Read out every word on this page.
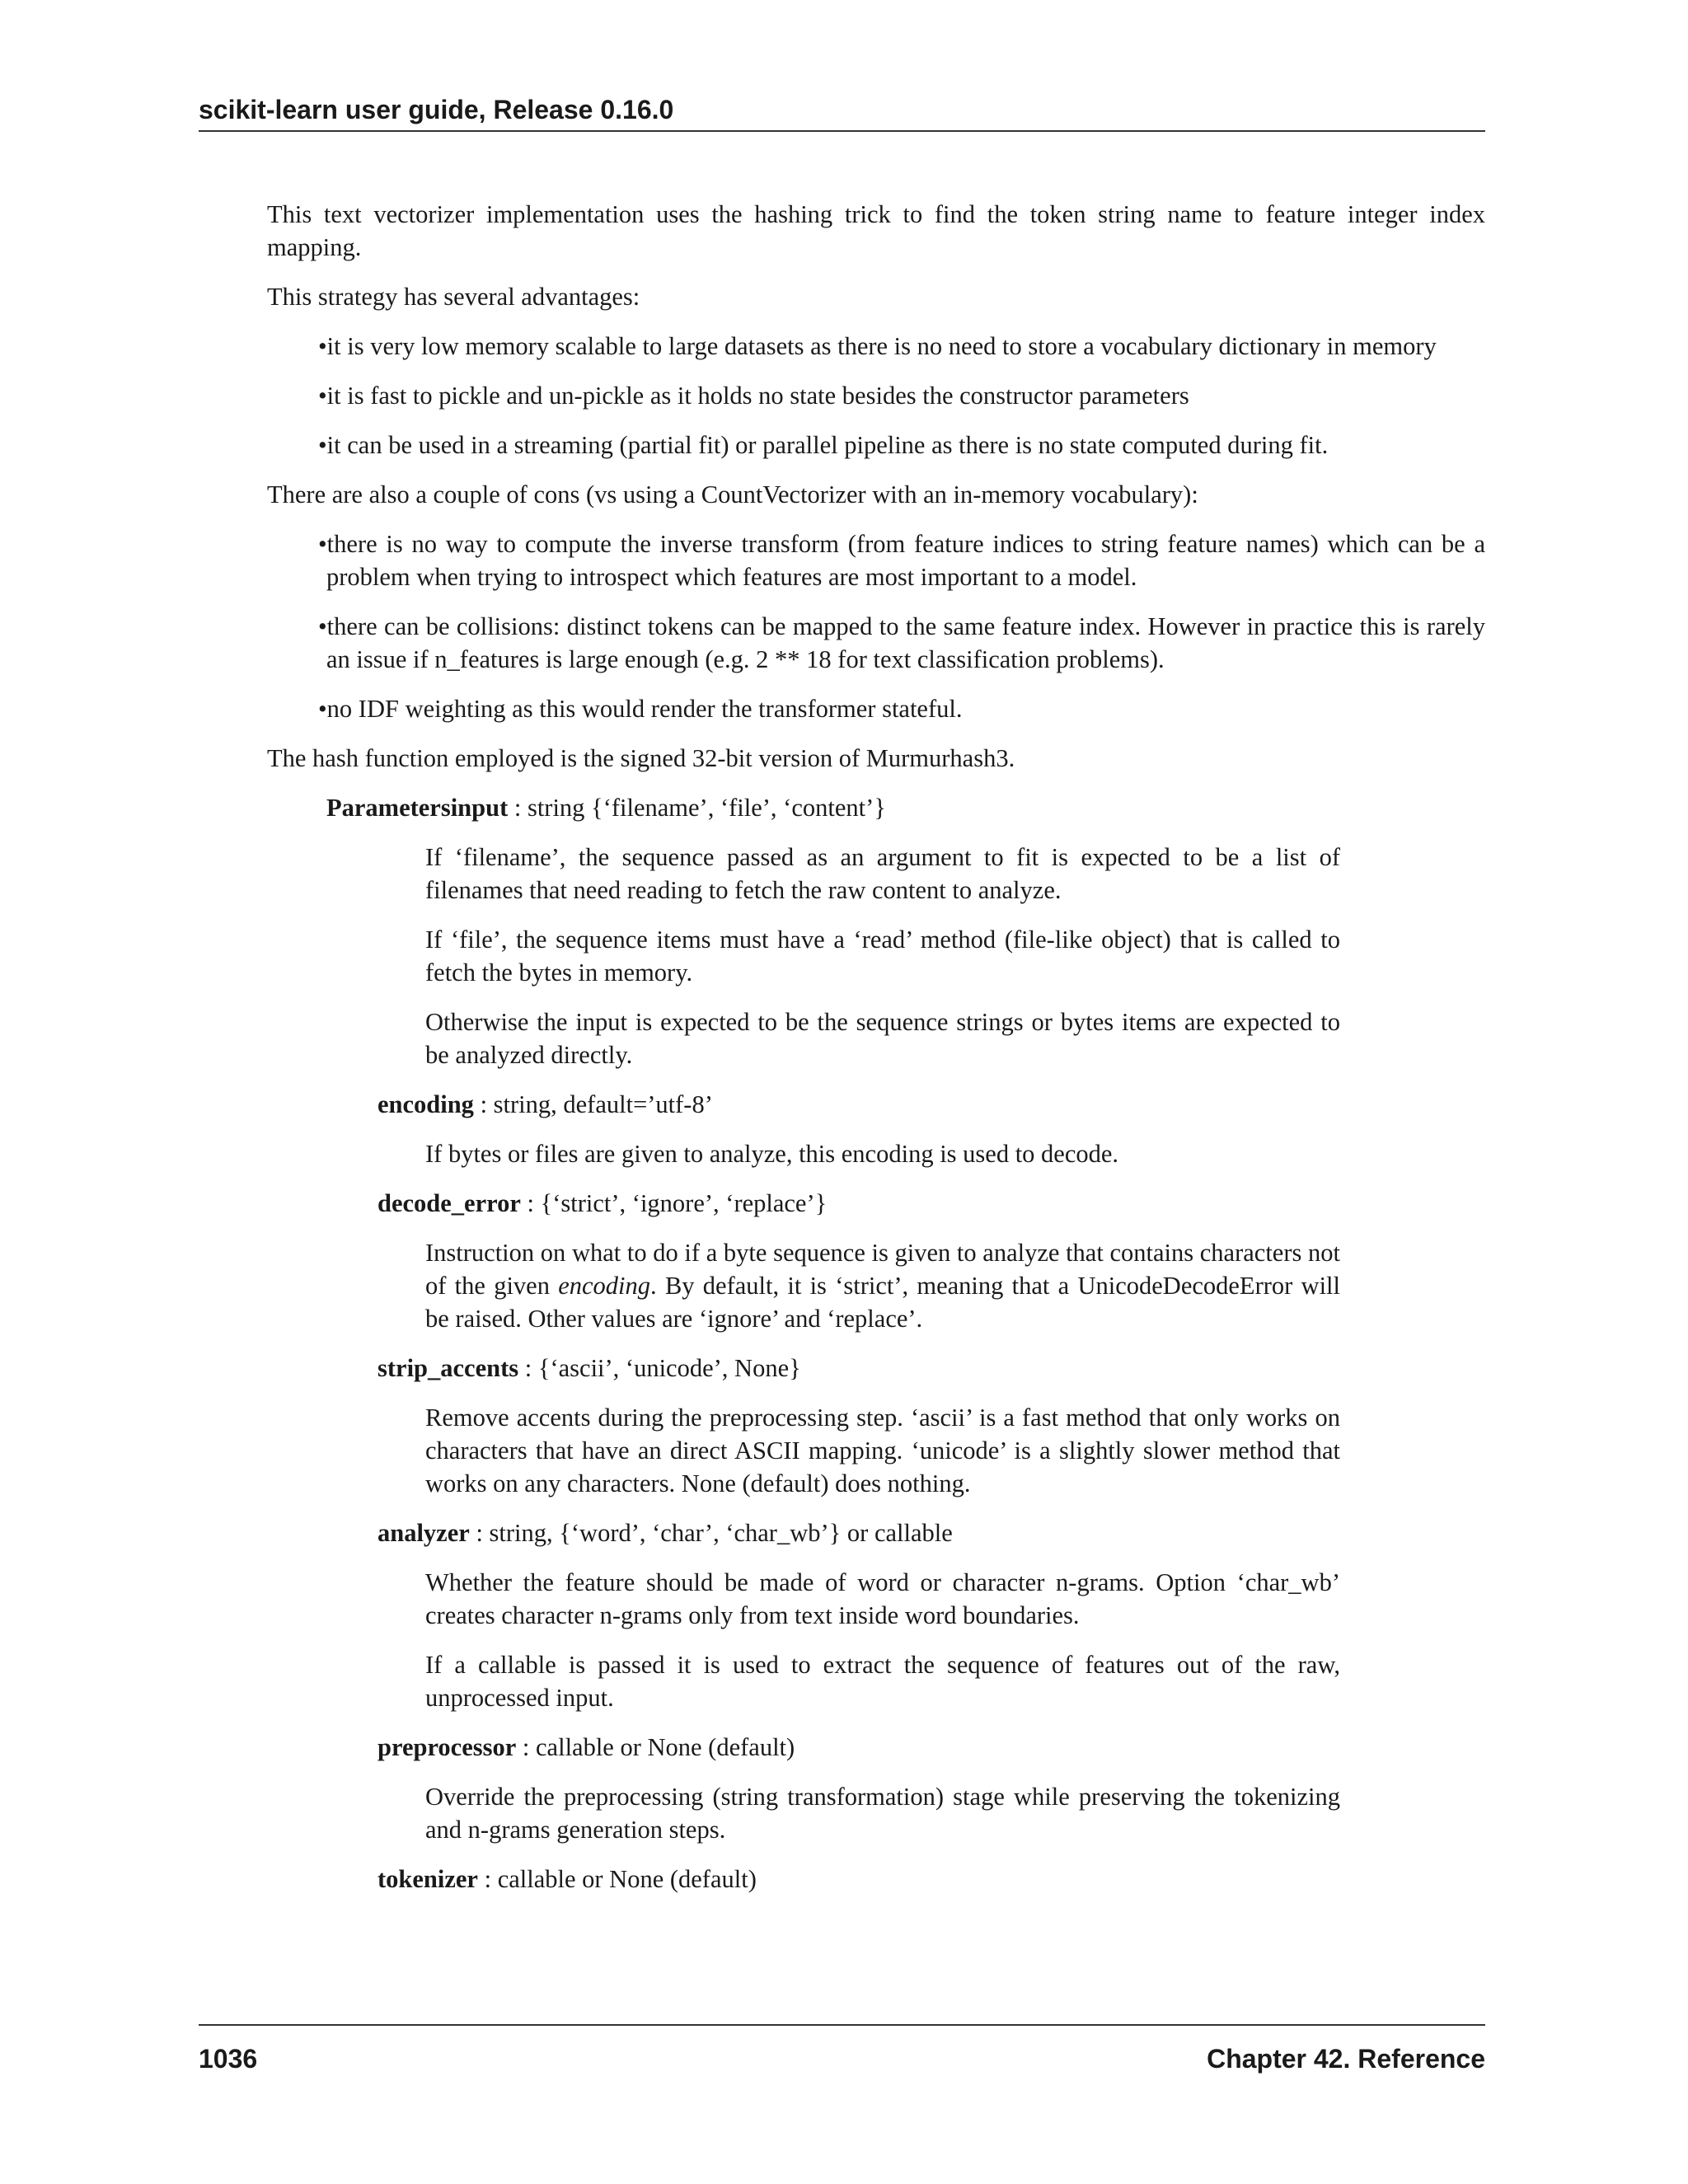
scikit-learn user guide, Release 0.16.0

This text vectorizer implementation uses the hashing trick to find the token string name to feature integer index mapping.

This strategy has several advantages:

•it is very low memory scalable to large datasets as there is no need to store a vocabulary dictionary in memory
•it is fast to pickle and un-pickle as it holds no state besides the constructor parameters
•it can be used in a streaming (partial fit) or parallel pipeline as there is no state computed during fit.

There are also a couple of cons (vs using a CountVectorizer with an in-memory vocabulary):

•there is no way to compute the inverse transform (from feature indices to string feature names) which can be a problem when trying to introspect which features are most important to a model.
•there can be collisions: distinct tokens can be mapped to the same feature index. However in practice this is rarely an issue if n_features is large enough (e.g. 2 ** 18 for text classification problems).
•no IDF weighting as this would render the transformer stateful.

The hash function employed is the signed 32-bit version of Murmurhash3.

Parametersinput : string {‘filename’, ‘file’, ‘content’}

If ‘filename’, the sequence passed as an argument to fit is expected to be a list of filenames that need reading to fetch the raw content to analyze.

If ‘file’, the sequence items must have a ‘read’ method (file-like object) that is called to fetch the bytes in memory.

Otherwise the input is expected to be the sequence strings or bytes items are expected to be analyzed directly.

encoding : string, default=’utf-8’

If bytes or files are given to analyze, this encoding is used to decode.

decode_error : {‘strict’, ‘ignore’, ‘replace’}

Instruction on what to do if a byte sequence is given to analyze that contains characters not of the given encoding. By default, it is ‘strict’, meaning that a UnicodeDecodeError will be raised. Other values are ‘ignore’ and ‘replace’.

strip_accents : {‘ascii’, ‘unicode’, None}

Remove accents during the preprocessing step. ‘ascii’ is a fast method that only works on characters that have an direct ASCII mapping. ‘unicode’ is a slightly slower method that works on any characters. None (default) does nothing.

analyzer : string, {‘word’, ‘char’, ‘char_wb’} or callable

Whether the feature should be made of word or character n-grams. Option ‘char_wb’ creates character n-grams only from text inside word boundaries.

If a callable is passed it is used to extract the sequence of features out of the raw, unprocessed input.

preprocessor : callable or None (default)

Override the preprocessing (string transformation) stage while preserving the tokenizing and n-grams generation steps.

tokenizer : callable or None (default)
1036	Chapter 42. Reference
